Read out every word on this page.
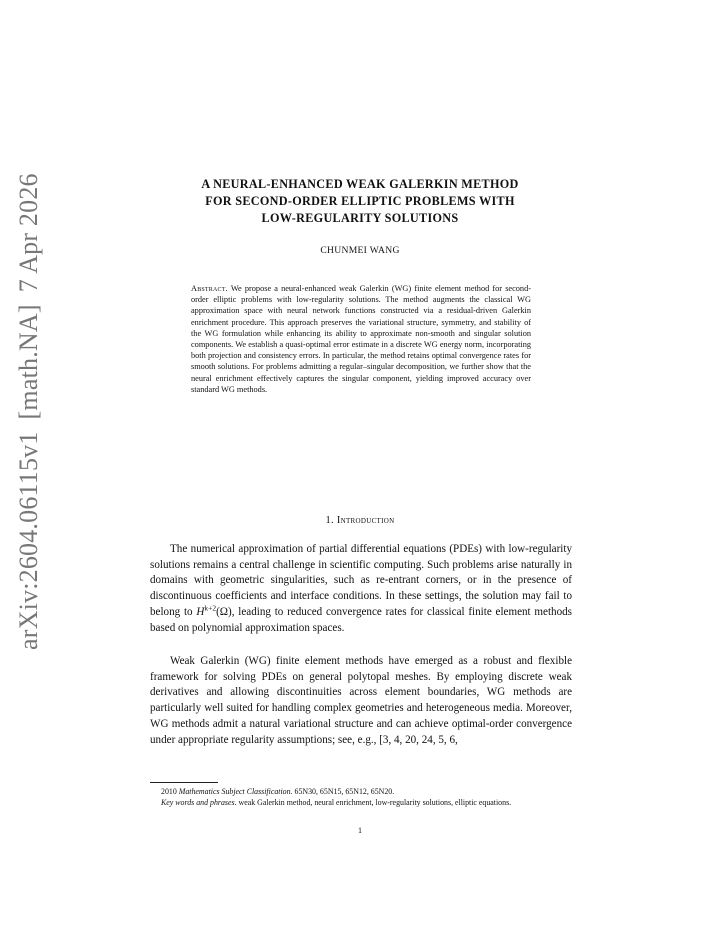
arXiv:2604.06115v1[math.NA]7 Apr 2026	A NEURAL-ENHANCED WEAK GALERKIN METHOD
FOR SECOND-ORDER ELLIPTIC PROBLEMS WITH
LOW-REGULARITY SOLUTIONS
CHUNMEI WANG
Abstract. We propose a neural-enhanced weak Galerkin (WG) finite element method for second-order elliptic problems with low-regularity solutions. The method augments the classical WG approximation space with neural network functions constructed via a residual-driven Galerkin enrichment procedure. This approach preserves the variational structure, symmetry, and stability of the WG formulation while enhancing its ability to approximate non-smooth and singular solution components. We establish a quasi-optimal error estimate in a discrete WG energy norm, incorporating both projection and consistency errors. In particular, the method retains optimal convergence rates for smooth solutions. For problems admitting a regular–singular decomposition, we further show that the neural enrichment effectively captures the singular component, yielding improved accuracy over standard WG methods.
1. Introduction

The numerical approximation of partial differential equations (PDEs) with low-regularity solutions remains a central challenge in scientific computing. Such problems arise naturally in domains with geometric singularities, such as re-entrant corners, or in the presence of discontinuous coefficients and interface conditions. In these settings, the solution may fail to belong to $H^{k+2}(\Omega)$, leading to reduced convergence rates for classical finite element methods based on polynomial approximation spaces.

Weak Galerkin (WG) finite element methods have emerged as a robust and flexible framework for solving PDEs on general polytopal meshes. By employing discrete weak derivatives and allowing discontinuities across element boundaries, WG methods are particularly well suited for handling complex geometries and heterogeneous media. Moreover, WG methods admit a natural variational structure and can achieve optimal-order convergence under appropriate regularity assumptions; see, e.g., [3, 4, 20, 24, 5, 6,

2010 Mathematics Subject Classification. 65N30, 65N15, 65N12, 65N20.

Key words and phrases. weak Galerkin method, neural enrichment, low-regularity solutions, elliptic equations.

1
